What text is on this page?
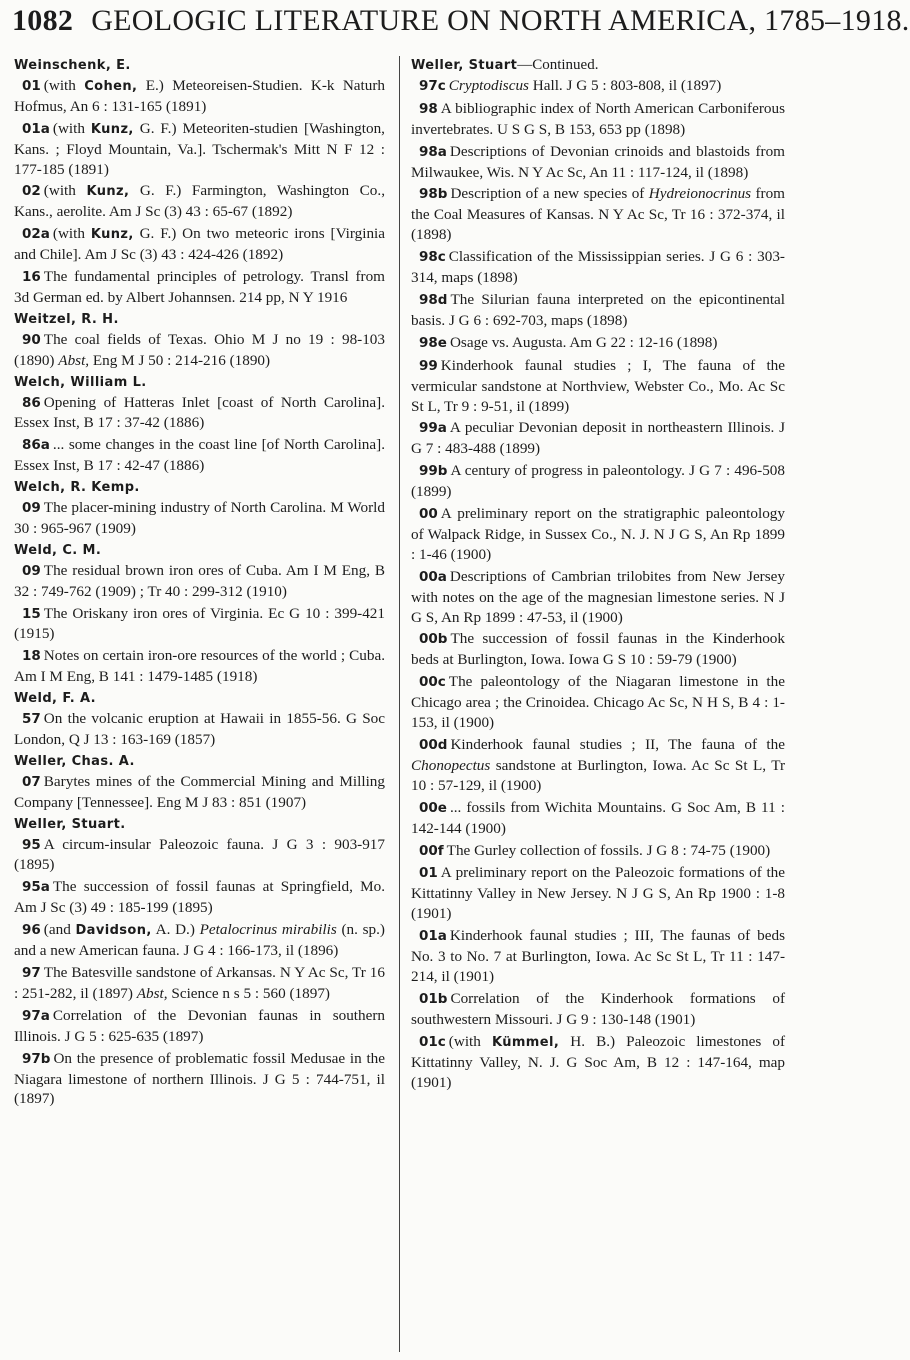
1082 GEOLOGIC LITERATURE ON NORTH AMERICA, 1785–1918.

Weinschenk, E.

01 (with Cohen, E.) Meteoreisen-Studien. K-k Naturh Hofmus, An 6 : 131-165 (1891)

01a (with Kunz, G. F.) Meteoriten-studien [Washington, Kans. ; Floyd Mountain, Va.]. Tschermak's Mitt N F 12 : 177-185 (1891)

02 (with Kunz, G. F.) Farmington, Washington Co., Kans., aerolite. Am J Sc (3) 43 : 65-67 (1892)

02a (with Kunz, G. F.) On two meteoric irons [Virginia and Chile]. Am J Sc (3) 43 : 424-426 (1892)

16 The fundamental principles of petrology. Transl from 3d German ed. by Albert Johannsen. 214 pp, N Y 1916

Weitzel, R. H.

90 The coal fields of Texas. Ohio M J no 19 : 98-103 (1890) Abst, Eng M J 50 : 214-216 (1890)

Welch, William L.

86 Opening of Hatteras Inlet [coast of North Carolina]. Essex Inst, B 17 : 37-42 (1886)

86a ... some changes in the coast line [of North Carolina]. Essex Inst, B 17 : 42-47 (1886)

Welch, R. Kemp.

09 The placer-mining industry of North Carolina. M World 30 : 965-967 (1909)

Weld, C. M.

09 The residual brown iron ores of Cuba. Am I M Eng, B 32 : 749-762 (1909) ; Tr 40 : 299-312 (1910)

15 The Oriskany iron ores of Virginia. Ec G 10 : 399-421 (1915)

18 Notes on certain iron-ore resources of the world ; Cuba. Am I M Eng, B 141 : 1479-1485 (1918)

Weld, F. A.

57 On the volcanic eruption at Hawaii in 1855-56. G Soc London, Q J 13 : 163-169 (1857)

Weller, Chas. A.

07 Barytes mines of the Commercial Mining and Milling Company [Tennessee]. Eng M J 83 : 851 (1907)

Weller, Stuart.

95 A circum-insular Paleozoic fauna. J G 3 : 903-917 (1895)

95a The succession of fossil faunas at Springfield, Mo. Am J Sc (3) 49 : 185-199 (1895)

96 (and Davidson, A. D.) Petalocrinus mirabilis (n. sp.) and a new American fauna. J G 4 : 166-173, il (1896)

97 The Batesville sandstone of Arkansas. N Y Ac Sc, Tr 16 : 251-282, il (1897) Abst, Science n s 5 : 560 (1897)

97a Correlation of the Devonian faunas in southern Illinois. J G 5 : 625-635 (1897)

97b On the presence of problematic fossil Medusae in the Niagara limestone of northern Illinois. J G 5 : 744-751, il (1897)

Weller, Stuart—Continued.

97c Cryptodiscus Hall. J G 5 : 803-808, il (1897)

98 A bibliographic index of North American Carboniferous invertebrates. U S G S, B 153, 653 pp (1898)

98a Descriptions of Devonian crinoids and blastoids from Milwaukee, Wis. N Y Ac Sc, An 11 : 117-124, il (1898)

98b Description of a new species of Hydreionocrinus from the Coal Measures of Kansas. N Y Ac Sc, Tr 16 : 372-374, il (1898)

98c Classification of the Mississippian series. J G 6 : 303-314, maps (1898)

98d The Silurian fauna interpreted on the epicontinental basis. J G 6 : 692-703, maps (1898)

98e Osage vs. Augusta. Am G 22 : 12-16 (1898)

99 Kinderhook faunal studies ; I, The fauna of the vermicular sandstone at Northview, Webster Co., Mo. Ac Sc St L, Tr 9 : 9-51, il (1899)

99a A peculiar Devonian deposit in northeastern Illinois. J G 7 : 483-488 (1899)

99b A century of progress in paleontology. J G 7 : 496-508 (1899)

00 A preliminary report on the stratigraphic paleontology of Walpack Ridge, in Sussex Co., N. J. N J G S, An Rp 1899 : 1-46 (1900)

00a Descriptions of Cambrian trilobites from New Jersey with notes on the age of the magnesian limestone series. N J G S, An Rp 1899 : 47-53, il (1900)

00b The succession of fossil faunas in the Kinderhook beds at Burlington, Iowa. Iowa G S 10 : 59-79 (1900)

00c The paleontology of the Niagaran limestone in the Chicago area ; the Crinoidea. Chicago Ac Sc, N H S, B 4 : 1-153, il (1900)

00d Kinderhook faunal studies ; II, The fauna of the Chonopectus sandstone at Burlington, Iowa. Ac Sc St L, Tr 10 : 57-129, il (1900)

00e ... fossils from Wichita Mountains. G Soc Am, B 11 : 142-144 (1900)

00f The Gurley collection of fossils. J G 8 : 74-75 (1900)

01 A preliminary report on the Paleozoic formations of the Kittatinny Valley in New Jersey. N J G S, An Rp 1900 : 1-8 (1901)

01a Kinderhook faunal studies ; III, The faunas of beds No. 3 to No. 7 at Burlington, Iowa. Ac Sc St L, Tr 11 : 147-214, il (1901)

01b Correlation of the Kinderhook formations of southwestern Missouri. J G 9 : 130-148 (1901)

01c (with Kümmel, H. B.) Paleozoic limestones of Kittatinny Valley, N. J. G Soc Am, B 12 : 147-164, map (1901)
